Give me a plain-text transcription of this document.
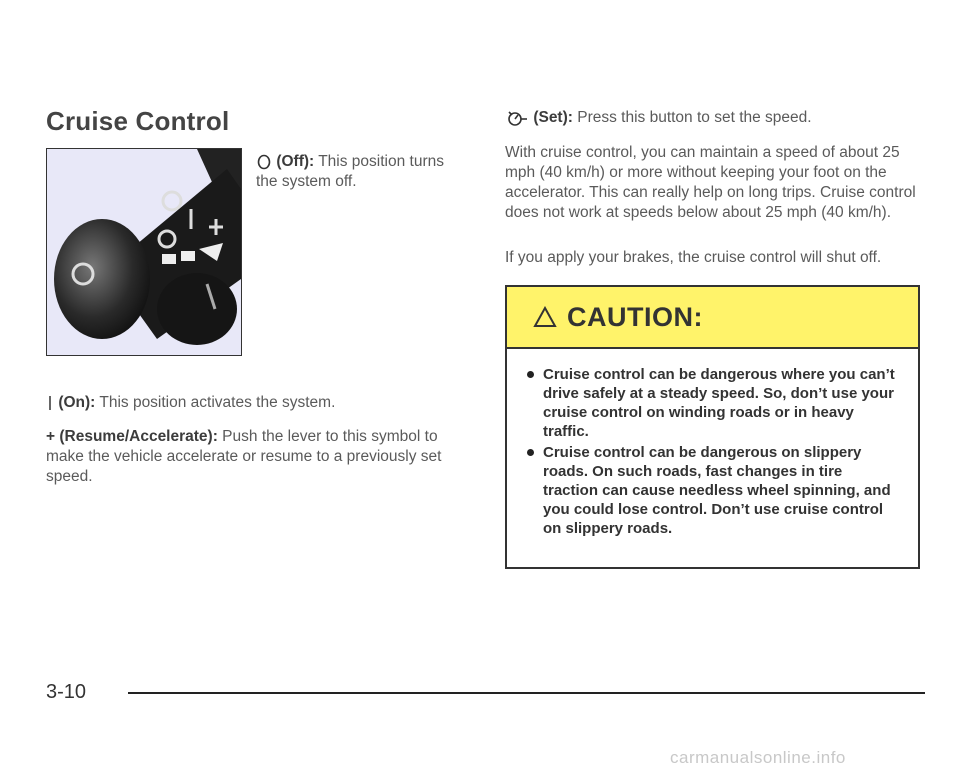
Cruise Control
(Off): This position turns the system off.
(On): This position activates the system.
+ (Resume/Accelerate): Push the lever to this symbol to make the vehicle accelerate or resume to a previously set speed.
(Set): Press this button to set the speed.
With cruise control, you can maintain a speed of about 25 mph (40 km/h) or more without keeping your foot on the accelerator. This can really help on long trips. Cruise control does not work at speeds below about 25 mph (40 km/h).
If you apply your brakes, the cruise control will shut off.
CAUTION:
Cruise control can be dangerous where you can’t drive safely at a steady speed. So, don’t use your cruise control on winding roads or in heavy traffic.
Cruise control can be dangerous on slippery roads. On such roads, fast changes in tire traction can cause needless wheel spinning, and you could lose control. Don’t use cruise control on slippery roads.
3-10
carmanualsonline.info
